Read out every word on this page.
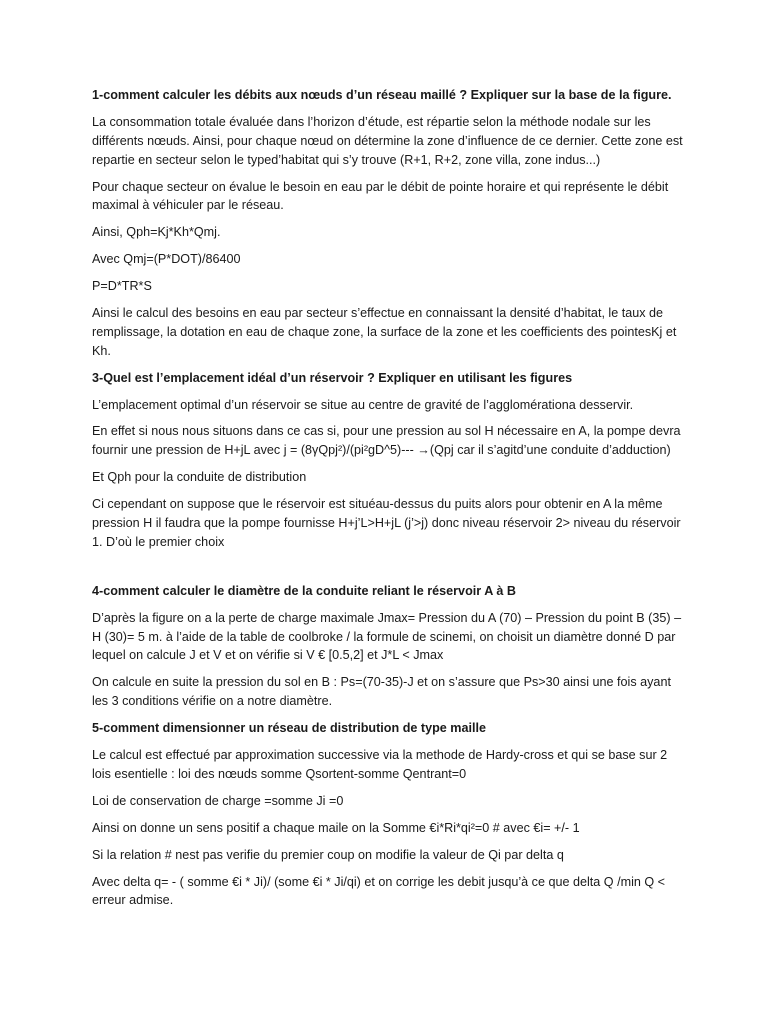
1-comment calculer les débits aux nœuds d’un réseau maillé ? Expliquer sur la base de la figure.
La consommation totale évaluée dans l’horizon d’étude, est répartie selon la méthode nodale sur les différents nœuds. Ainsi, pour chaque nœud on détermine la zone d’influence de ce dernier. Cette zone est repartie en secteur selon le typed’habitat qui s’y trouve (R+1, R+2, zone villa, zone indus...)
Pour chaque secteur on évalue le besoin en eau par le débit de pointe horaire et qui représente le débit maximal à véhiculer par le réseau.
Ainsi, Qph=Kj*Kh*Qmj.
Avec Qmj=(P*DOT)/86400
P=D*TR*S
Ainsi le calcul des besoins en eau par secteur s’effectue en connaissant la densité d’habitat, le taux de remplissage, la dotation en eau de chaque zone, la surface de la zone et les coefficients des pointesKj et Kh.
3-Quel est l’emplacement idéal d’un réservoir ? Expliquer en utilisant les figures
L’emplacement optimal d’un réservoir se situe au centre de gravité de l’agglomérationa desservir.
En effet si nous nous situons dans ce cas si, pour une pression au sol H nécessaire en A, la pompe devra fournir une pression de H+jL avec j = (8γQpj²)/(pi²gD^5)--- →(Qpj car il s’agitd’une conduite d’adduction)
Et Qph pour la conduite de distribution
Ci cependant on suppose que le réservoir est situéau-dessus du puits alors pour obtenir en A la même pression H il faudra que la pompe fournisse H+j’L>H+jL (j’>j) donc niveau réservoir 2> niveau du réservoir 1. D’où le premier choix
4-comment calculer le diamètre de la conduite reliant le réservoir A à B
D’après la figure on a la perte de charge maximale Jmax= Pression du A (70) – Pression du point B (35) – H (30)= 5 m. à l’aide de la table de coolbroke / la formule de scinemi, on choisit un diamètre donné D par lequel on calcule J et V et on vérifie si V € [0.5,2] et J*L < Jmax
On calcule en suite la pression du sol en B : Ps=(70-35)-J et on s’assure que Ps>30 ainsi une fois ayant les 3 conditions vérifie on a notre diamètre.
5-comment dimensionner un réseau de distribution de type maille
Le calcul est effectué par approximation successive via la methode de Hardy-cross et qui se base sur 2 lois esentielle : loi des nœuds somme Qsortent-somme Qentrant=0
Loi de conservation de charge =somme Ji =0
Ainsi on donne un sens positif a chaque maile on la Somme €i*Ri*qi²=0 # avec €i= +/- 1
Si la relation # nest pas verifie du premier coup on modifie la valeur de Qi par delta q
Avec delta q= - ( somme €i * Ji)/ (some €i * Ji/qi) et on corrige les debit jusqu’à ce que delta Q /min Q < erreur admise.
